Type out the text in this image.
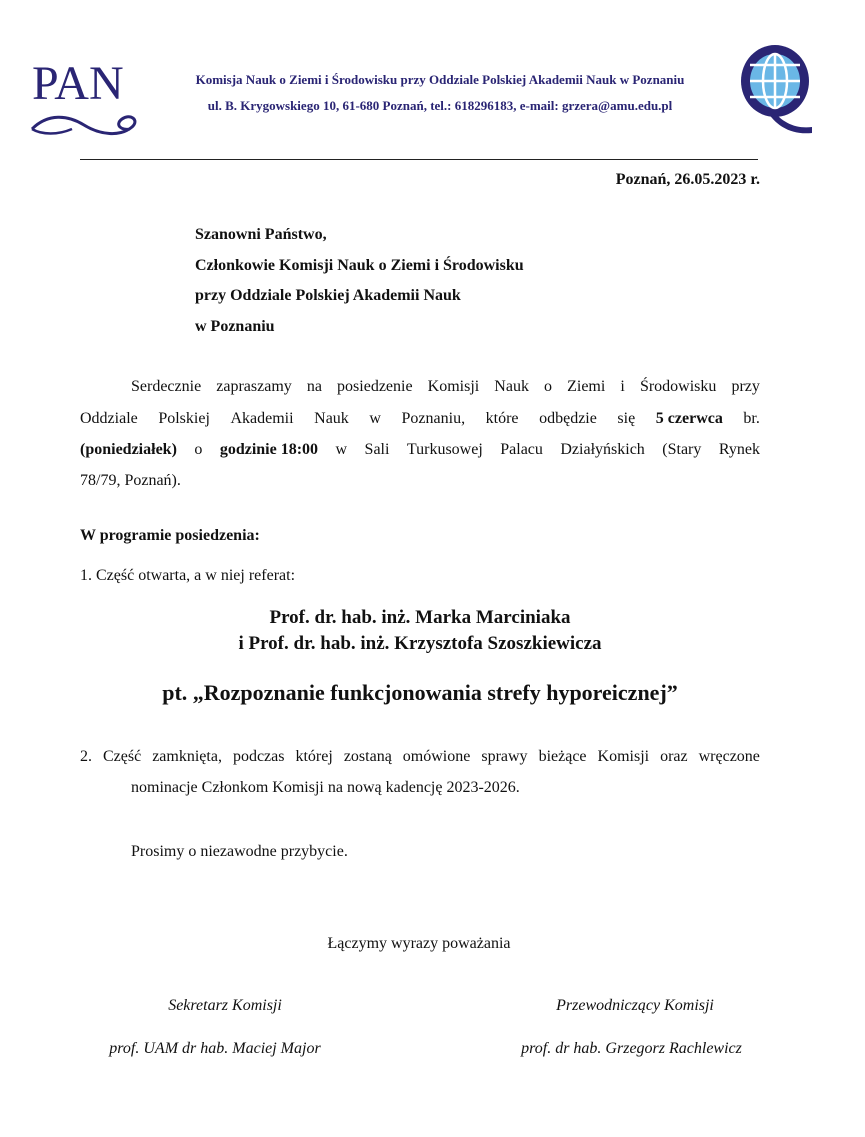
PAN	Komisja Nauk o Ziemi i Środowisku przy Oddziale Polskiej Akademii Nauk w Poznaniu
ul. B. Krygowskiego 10, 61-680 Poznań, tel.: 618296183, e-mail: grzera@amu.edu.pl
Poznań, 26.05.2023 r.
Szanowni Państwo,
Członkowie Komisji Nauk o Ziemi i Środowisku
przy Oddziale Polskiej Akademii Nauk
w Poznaniu
Serdecznie zapraszamy na posiedzenie Komisji Nauk o Ziemi i Środowisku przy
Oddziale Polskiej Akademii Nauk w Poznaniu, które odbędzie się 5 czerwca br.
(poniedziałek) o godzinie 18:00 w Sali Turkusowej Palacu Działyńskich (Stary Rynek
78/79, Poznań).
W programie posiedzenia:
1. Część otwarta, a w niej referat:
Prof. dr. hab. inż. Marka Marciniaka
i Prof. dr. hab. inż. Krzysztofa Szoszkiewicza
pt. „Rozpoznanie funkcjonowania strefy hyporeicznej”
2. Część zamknięta, podczas której zostaną omówione sprawy bieżące Komisji oraz wręczone
nominacje Członkom Komisji na nową kadencję 2023-2026.
Prosimy o niezawodne przybycie.
Łączymy wyrazy poważania
Sekretarz Komisji
prof. UAM dr hab. Maciej Major
Przewodniczący Komisji
prof. dr hab. Grzegorz Rachlewicz
